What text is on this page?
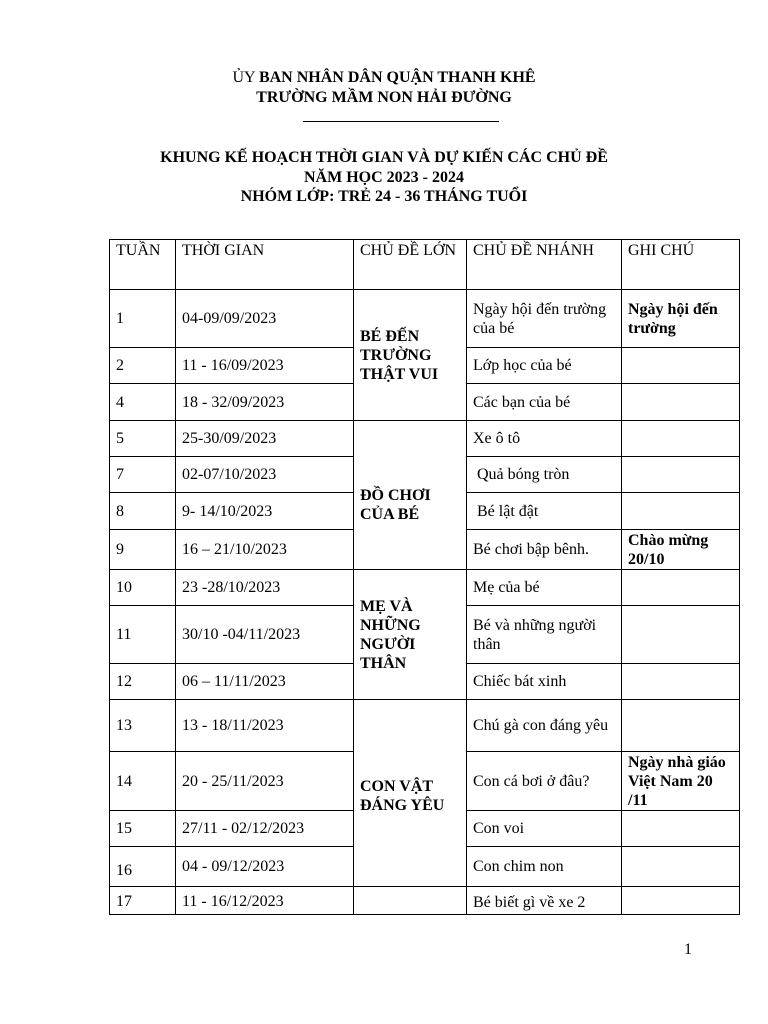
ỦY BAN NHÂN DÂN QUẬN THANH KHÊ
TRƯỜNG MẦM NON HẢI ĐƯỜNG
KHUNG KẾ HOẠCH THỜI GIAN VÀ DỰ KIẾN CÁC CHỦ ĐỀ
NĂM HỌC 2023 - 2024
NHÓM LỚP: TRẺ 24 - 36 THÁNG TUỔI
TUẦN	THỜI GIAN	CHỦ ĐỀ LỚN	CHỦ ĐỀ NHÁNH	GHI CHÚ
1	04-09/09/2023	BÉ ĐẾN TRƯỜNG THẬT VUI	Ngày hội đến trường của bé	Ngày hội đến trường
2	11 - 16/09/2023		Lớp học của bé	
4	18 - 32/09/2023		Các bạn của bé	
5	25-30/09/2023	ĐỒ CHƠI CỦA BÉ	Xe ô tô	
7	02-07/10/2023		Quả bóng tròn	
8	9- 14/10/2023		Bé lật đật	
9	16 – 21/10/2023		Bé chơi bập bênh.	Chào mừng 20/10
10	23 -28/10/2023	MẸ VÀ NHỮNG NGƯỜI THÂN	Mẹ của bé	
11	30/10 -04/11/2023		Bé và những người thân	
12	06 – 11/11/2023		Chiếc bát xinh	
13	13 - 18/11/2023	CON VẬT ĐÁNG YÊU	Chú gà con đáng yêu	
14	20 - 25/11/2023		Con cá bơi ở đâu?	Ngày nhà giáo Việt Nam 20 /11
15	27/11 - 02/12/2023		Con voi	
16	04 - 09/12/2023		Con chim non	
17	11 - 16/12/2023		Bé biết gì về xe 2	
1
